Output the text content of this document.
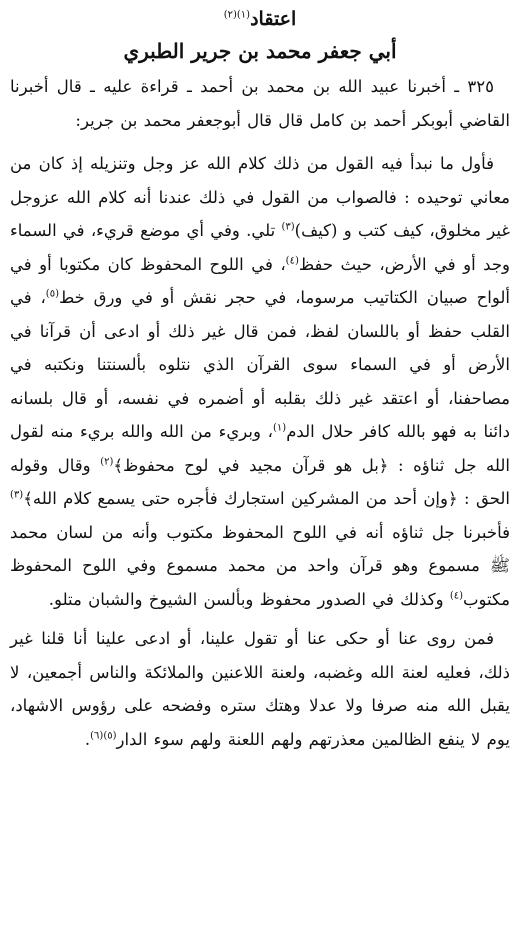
اعتقاد$^{(١)(٢)}$
أبي جعفر محمد بن جرير الطبري

٣٢٥ ـ أخبرنا عبيد الله بن محمد بن أحمد ـ قراءة عليه ـ قال أخبرنا القاضي أبوبكر أحمد بن كامل قال قال أبوجعفر محمد بن جرير:

فأول ما نبدأ فيه القول من ذلك كلام الله عز وجل وتنزيله إذ كان من معاني توحيده : فالصواب من القول في ذلك عندنا أنه كلام الله عزوجل غير مخلوق، كيف كتب و (كيف)$^{(٣)}$ تلي. وفي أي موضع قريء، في السماء وجد أو في الأرض، حيث حفظ$^{(٤)}$، في اللوح المحفوظ كان مكتوبا أو في ألواح صبيان الكتاتيب مرسوما، في حجر نقش أو في ورق خط$^{(٥)}$، في القلب حفظ أو باللسان لفظ، فمن قال غير ذلك أو ادعى أن قرآنا في الأرض أو في السماء سوى القرآن الذي نتلوه بألسنتنا ونكتبه في مصاحفنا، أو اعتقد غير ذلك بقلبه أو أضمره في نفسه، أو قال بلسانه دائنا به فهو بالله كافر حلال الدم$^{(١)}$، وبريء من الله والله بريء منه لقول الله جل ثناؤه : ﴿بل هو قرآن مجيد في لوح محفوظ﴾$^{(٢)}$ وقال وقوله الحق : ﴿وإن أحد من المشركين استجارك فأجره حتى يسمع كلام الله﴾$^{(٣)}$ فأخبرنا جل ثناؤه أنه في اللوح المحفوظ مكتوب وأنه من لسان محمد ﷺ مسموع وهو قرآن واحد من محمد مسموع وفي اللوح المحفوظ مكتوب$^{(٤)}$ وكذلك في الصدور محفوظ وبألسن الشيوخ والشبان متلو.

فمن روى عنا أو حكى عنا أو تقول علينا، أو ادعى علينا أنا قلنا غير ذلك، فعليه لعنة الله وغضبه، ولعنة اللاعنين والملائكة والناس أجمعين، لا يقبل الله منه صرفا ولا عدلا وهتك ستره وفضحه على رؤوس الاشهاد، يوم لا ينفع الظالمين معذرتهم ولهم اللعنة ولهم سوء الدار$^{(٥)(٦)}$.
